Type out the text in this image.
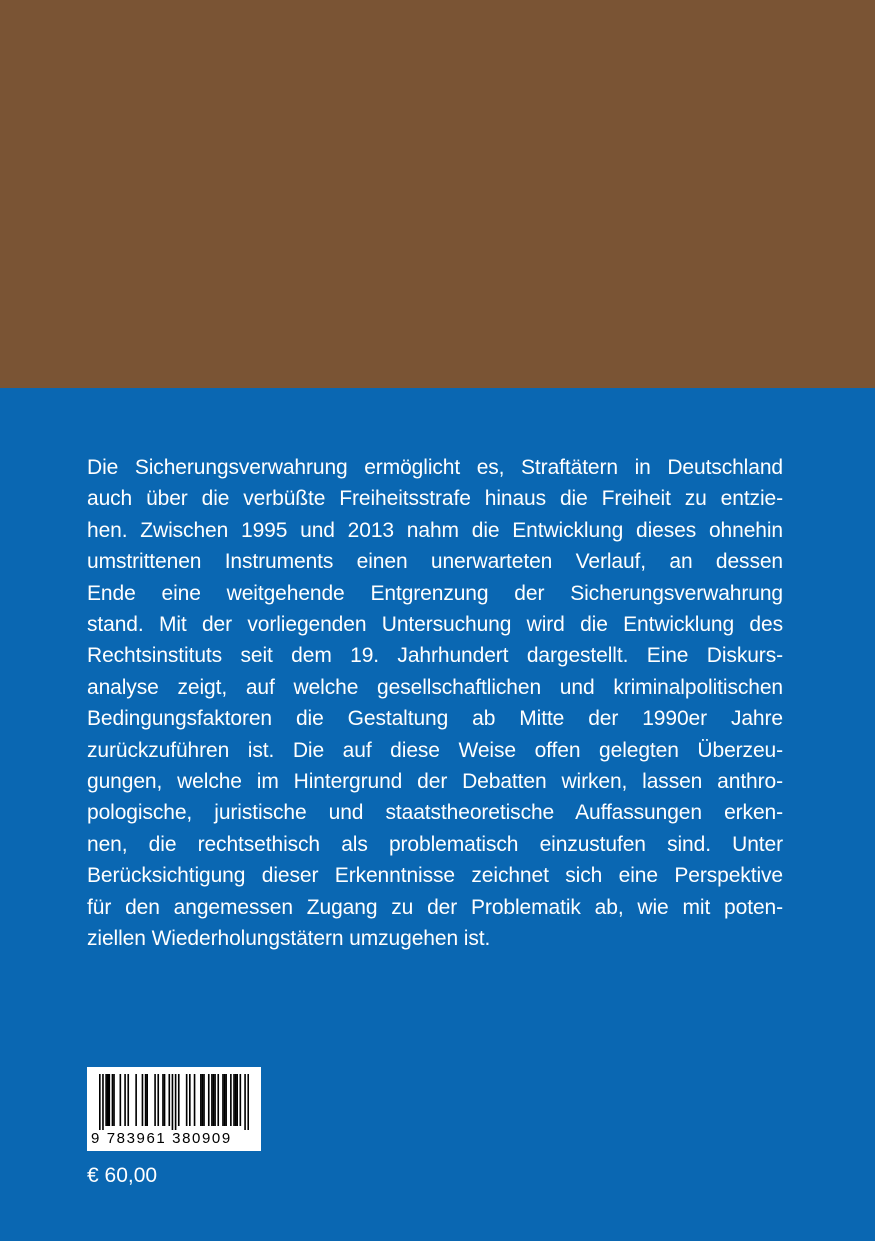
Die Sicherungsverwahrung ermöglicht es, Straftätern in Deutschland
auch über die verbüßte Freiheitsstrafe hinaus die Freiheit zu entzie-
hen. Zwischen 1995 und 2013 nahm die Entwicklung dieses ohnehin
umstrittenen Instruments einen unerwarteten Verlauf, an dessen
Ende eine weitgehende Entgrenzung der Sicherungsverwahrung
stand. Mit der vorliegenden Untersuchung wird die Entwicklung des
Rechtsinstituts seit dem 19. Jahrhundert dargestellt. Eine Diskurs-
analyse zeigt, auf welche gesellschaftlichen und kriminalpolitischen
Bedingungsfaktoren die Gestaltung ab Mitte der 1990er Jahre
zurückzuführen ist. Die auf diese Weise offen gelegten Überzeu-
gungen, welche im Hintergrund der Debatten wirken, lassen anthro-
pologische, juristische und staatstheoretische Auffassungen erken-
nen, die rechtsethisch als problematisch einzustufen sind. Unter
Berücksichtigung dieser Erkenntnisse zeichnet sich eine Perspektive
für den angemessen Zugang zu der Problematik ab, wie mit poten-
ziellen Wiederholungstätern umzugehen ist.
9 783961 380909
€ 60,00
